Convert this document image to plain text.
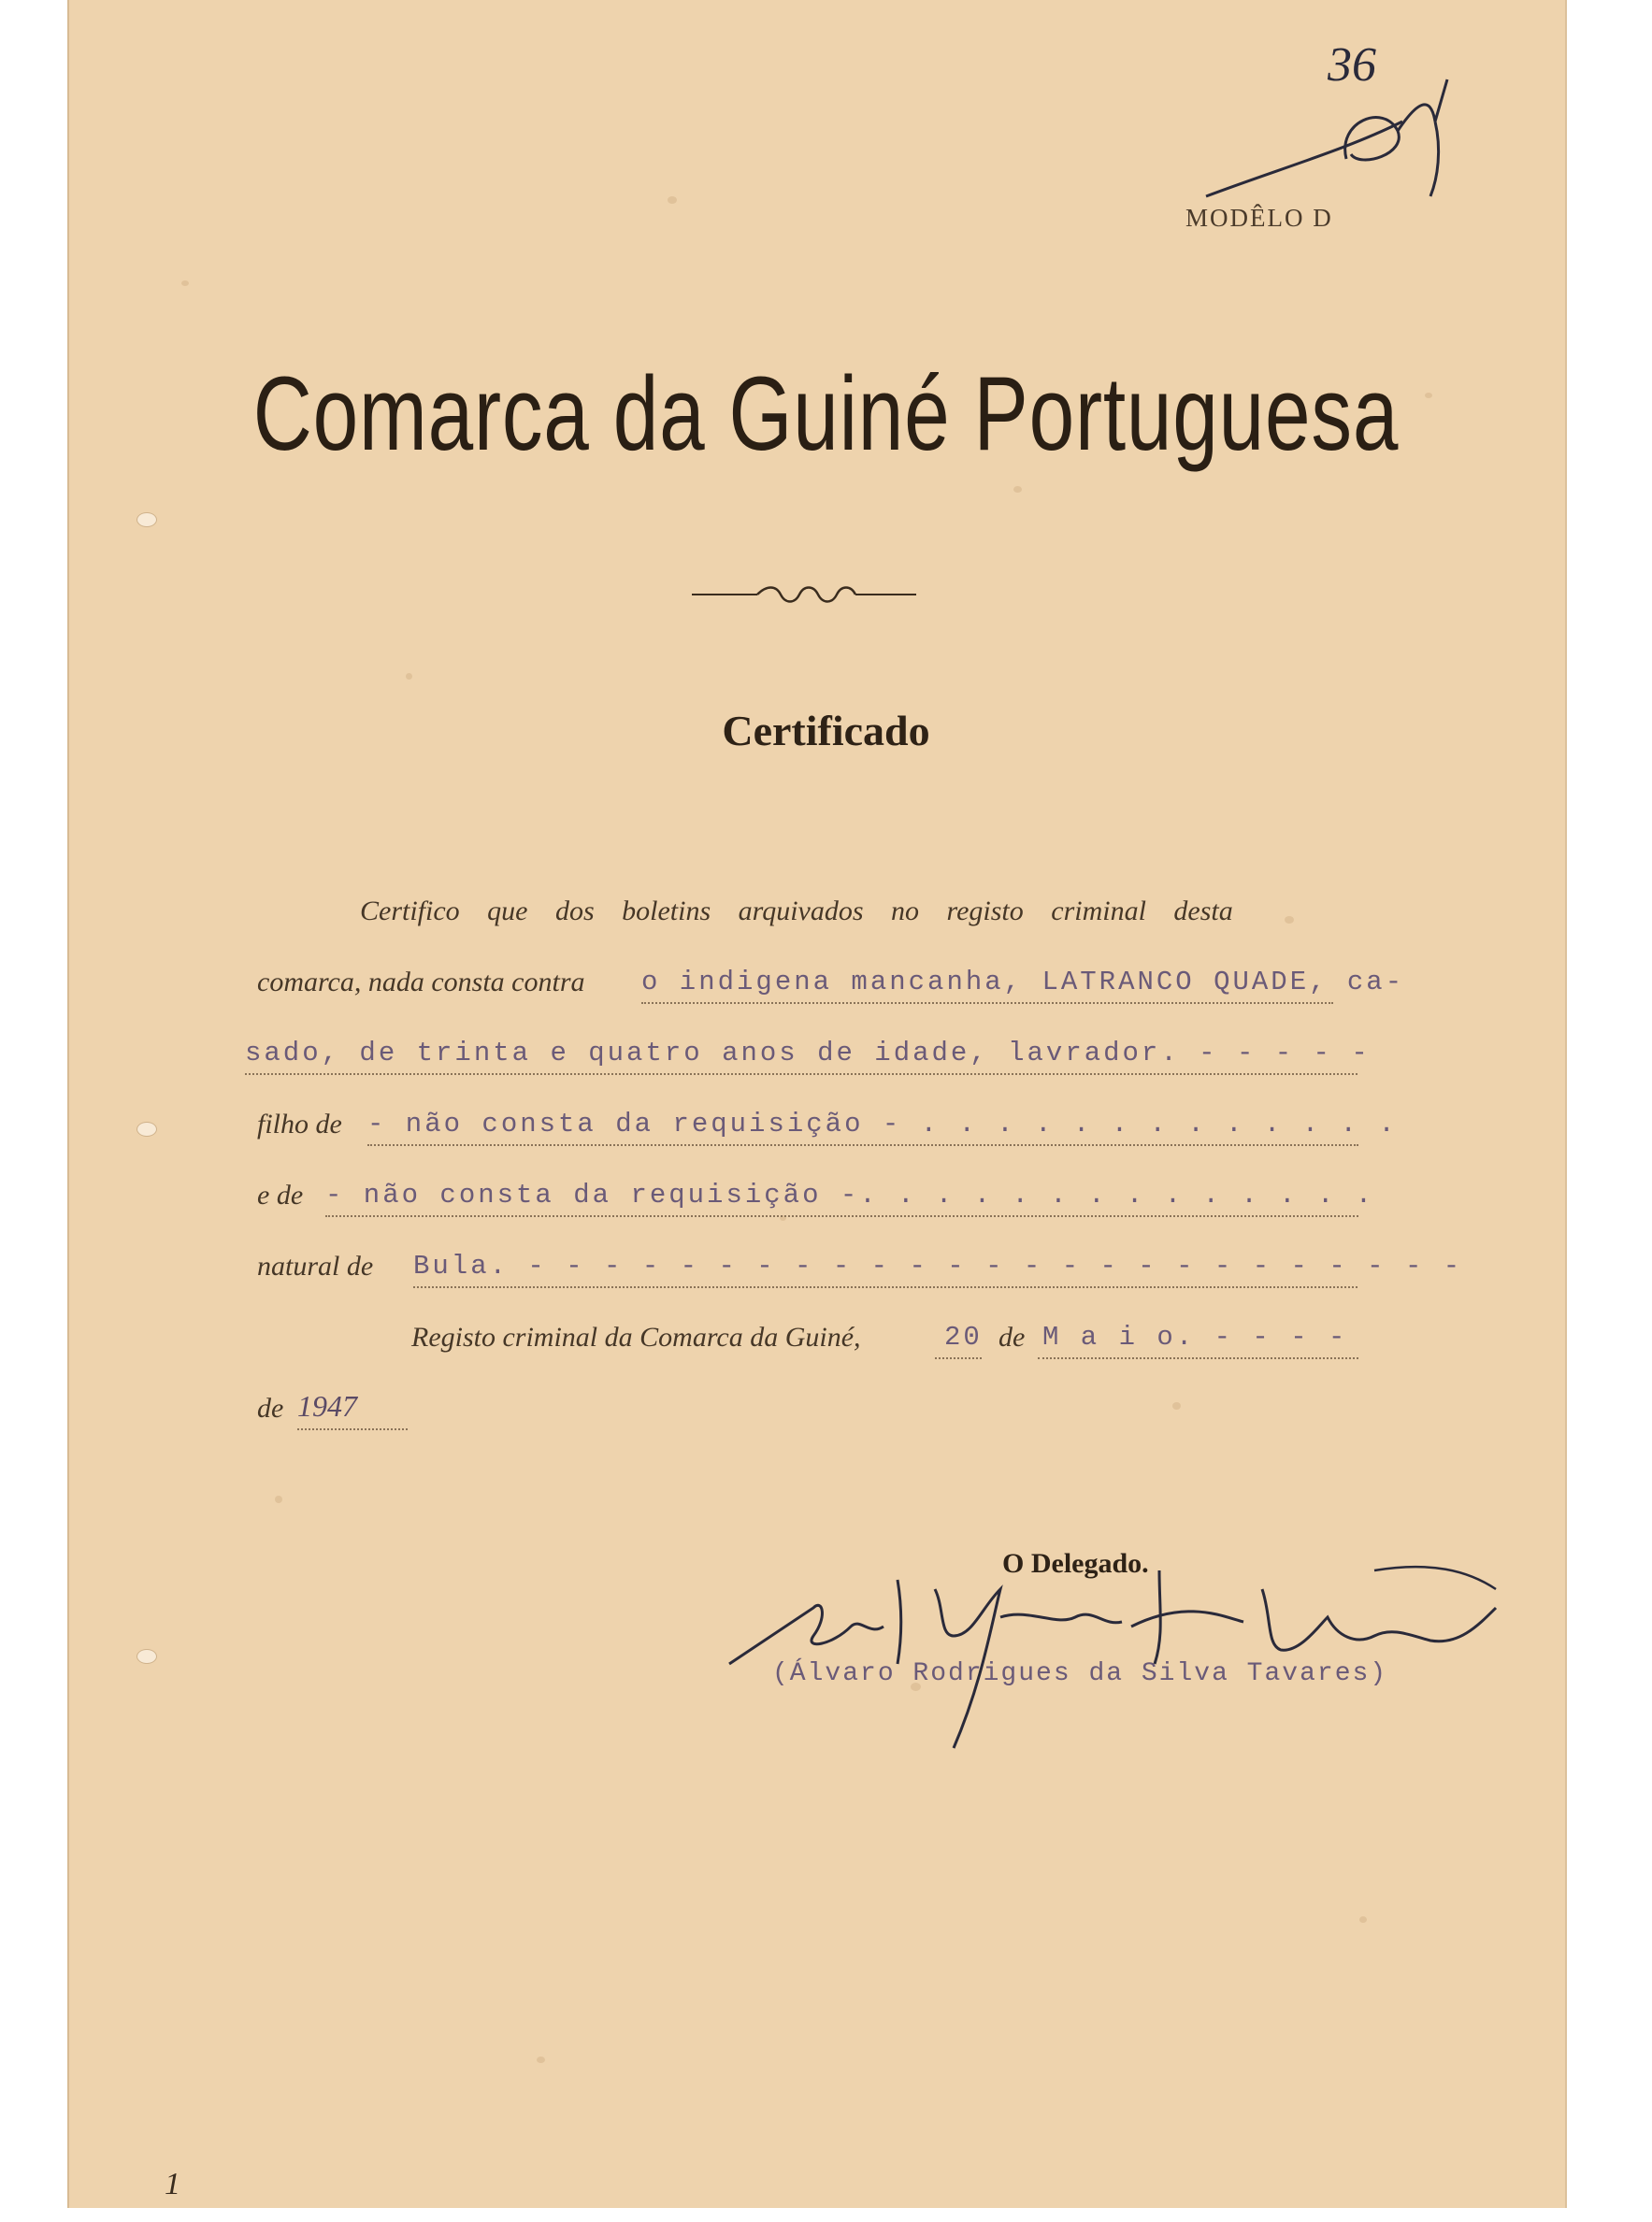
36
MODÊLO D
Comarca da Guiné Portuguesa
Certificado
Certifico que dos boletins arquivados no registo criminal desta
comarca, nada consta contra o indigena mancanha, LATRANCO QUADE, ca-
sado, de trinta e quatro anos de idade, lavrador. - - - - -
filho de - não consta da requisição - . . . . . . . . . . . . .
e de - não consta da requisição -. . . . . . . . . . . . . .
natural de Bula. - - - - - - - - - - - - - - - - - - - - - - - - -
Registo criminal da Comarca da Guiné,	20 de M a i o. - - - -
de 1947
O Delegado.
(Álvaro Rodrigues da Silva Tavares)
1
